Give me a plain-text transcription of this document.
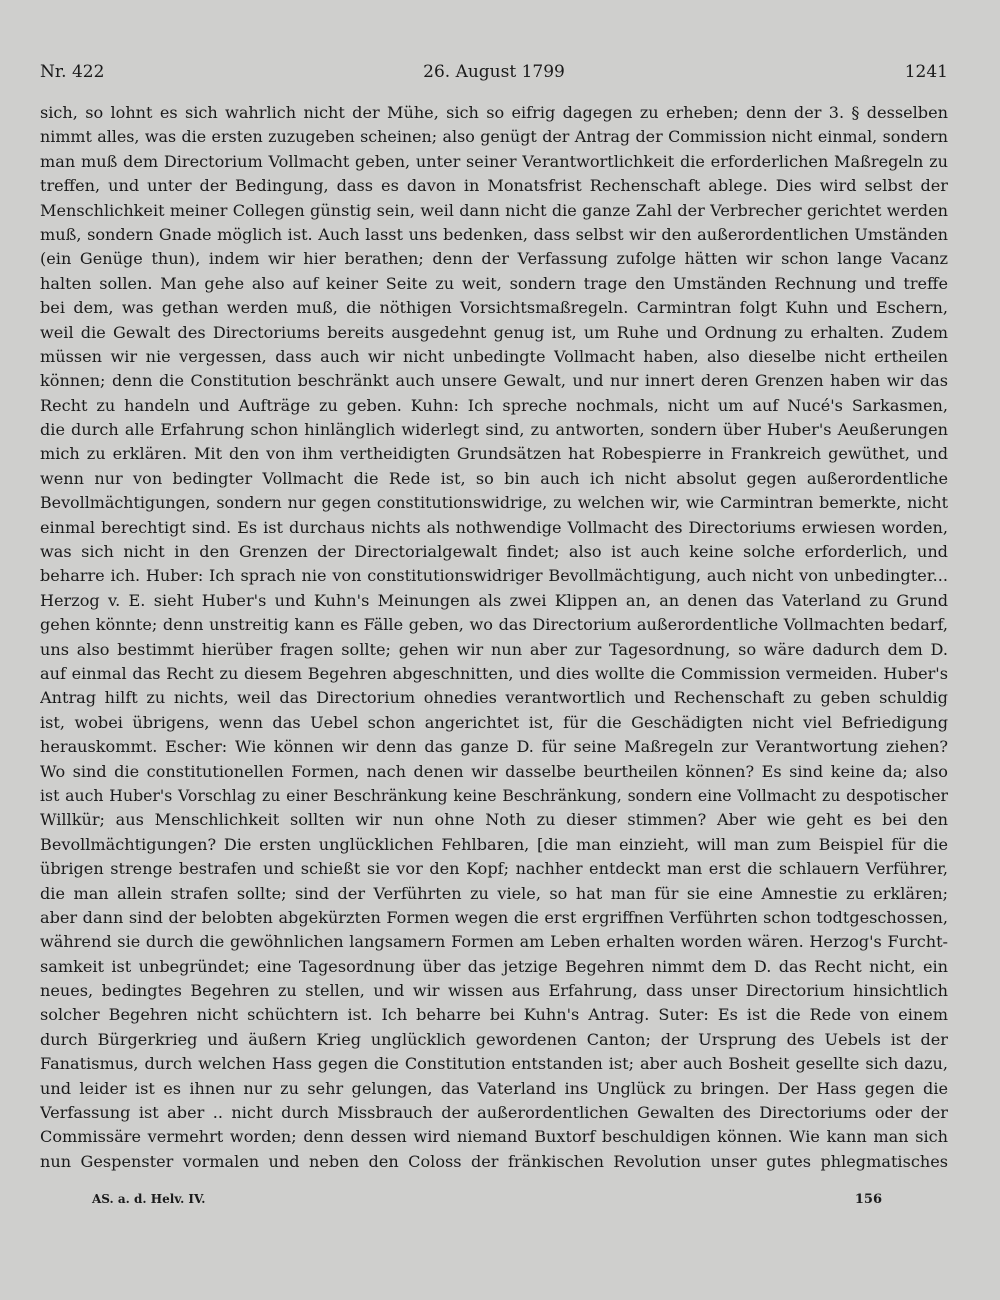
Nr. 422	26. August 1799	1241
sich, so lohnt es sich wahrlich nicht der Mühe, sich so eifrig dagegen zu erheben; denn der 3. § desselben
nimmt alles, was die ersten zuzugeben scheinen; also genügt der Antrag der Commission nicht einmal, sondern
man muß dem Directorium Vollmacht geben, unter seiner Verantwortlichkeit die erforderlichen Maßregeln zu
treffen, und unter der Bedingung, dass es davon in Monatsfrist Rechenschaft ablege. Dies wird selbst der
Menschlichkeit meiner Collegen günstig sein, weil dann nicht die ganze Zahl der Verbrecher gerichtet werden
muß, sondern Gnade möglich ist. Auch lasst uns bedenken, dass selbst wir den außerordentlichen Umständen
(ein Genüge thun), indem wir hier berathen; denn der Verfassung zufolge hätten wir schon lange Vacanz
halten sollen. Man gehe also auf keiner Seite zu weit, sondern trage den Umständen Rechnung und treffe
bei dem, was gethan werden muß, die nöthigen Vorsichtsmaßregeln. Carmintran folgt Kuhn und Eschern,
weil die Gewalt des Directoriums bereits ausgedehnt genug ist, um Ruhe und Ordnung zu erhalten. Zudem
müssen wir nie vergessen, dass auch wir nicht unbedingte Vollmacht haben, also dieselbe nicht ertheilen
können; denn die Constitution beschränkt auch unsere Gewalt, und nur innert deren Grenzen haben wir das
Recht zu handeln und Aufträge zu geben. Kuhn: Ich spreche nochmals, nicht um auf Nucé's Sarkasmen,
die durch alle Erfahrung schon hinlänglich widerlegt sind, zu antworten, sondern über Huber's Aeußerungen
mich zu erklären. Mit den von ihm vertheidigten Grundsätzen hat Robespierre in Frankreich gewüthet, und
wenn nur von bedingter Vollmacht die Rede ist, so bin auch ich nicht absolut gegen außerordentliche
Bevollmächtigungen, sondern nur gegen constitutionswidrige, zu welchen wir, wie Carmintran bemerkte, nicht
einmal berechtigt sind. Es ist durchaus nichts als nothwendige Vollmacht des Directoriums erwiesen worden,
was sich nicht in den Grenzen der Directorialgewalt findet; also ist auch keine solche erforderlich, und
beharre ich. Huber: Ich sprach nie von constitutionswidriger Bevollmächtigung, auch nicht von unbedingter...
Herzog v. E. sieht Huber's und Kuhn's Meinungen als zwei Klippen an, an denen das Vaterland zu Grund
gehen könnte; denn unstreitig kann es Fälle geben, wo das Directorium außerordentliche Vollmachten bedarf,
uns also bestimmt hierüber fragen sollte; gehen wir nun aber zur Tagesordnung, so wäre dadurch dem D.
auf einmal das Recht zu diesem Begehren abgeschnitten, und dies wollte die Commission vermeiden. Huber's
Antrag hilft zu nichts, weil das Directorium ohnedies verantwortlich und Rechenschaft zu geben schuldig
ist, wobei übrigens, wenn das Uebel schon angerichtet ist, für die Geschädigten nicht viel Befriedigung
herauskommt. Escher: Wie können wir denn das ganze D. für seine Maßregeln zur Verantwortung ziehen?
Wo sind die constitutionellen Formen, nach denen wir dasselbe beurtheilen können? Es sind keine da; also
ist auch Huber's Vorschlag zu einer Beschränkung keine Beschränkung, sondern eine Vollmacht zu despotischer
Willkür; aus Menschlichkeit sollten wir nun ohne Noth zu dieser stimmen? Aber wie geht es bei den
Bevollmächtigungen? Die ersten unglücklichen Fehlbaren, [die man einzieht, will man zum Beispiel für die
übrigen strenge bestrafen und schießt sie vor den Kopf; nachher entdeckt man erst die schlauern Verführer,
die man allein strafen sollte; sind der Verführten zu viele, so hat man für sie eine Amnestie zu erklären;
aber dann sind der belobten abgekürzten Formen wegen die erst ergriffnen Verführten schon todtgeschossen,
während sie durch die gewöhnlichen langsamern Formen am Leben erhalten worden wären. Herzog's Furcht-
samkeit ist unbegründet; eine Tagesordnung über das jetzige Begehren nimmt dem D. das Recht nicht, ein
neues, bedingtes Begehren zu stellen, und wir wissen aus Erfahrung, dass unser Directorium hinsichtlich
solcher Begehren nicht schüchtern ist. Ich beharre bei Kuhn's Antrag. Suter: Es ist die Rede von einem
durch Bürgerkrieg und äußern Krieg unglücklich gewordenen Canton; der Ursprung des Uebels ist der
Fanatismus, durch welchen Hass gegen die Constitution entstanden ist; aber auch Bosheit gesellte sich dazu,
und leider ist es ihnen nur zu sehr gelungen, das Vaterland ins Unglück zu bringen. Der Hass gegen die
Verfassung ist aber .. nicht durch Missbrauch der außerordentlichen Gewalten des Directoriums oder der
Commissäre vermehrt worden; denn dessen wird niemand Buxtorf beschuldigen können. Wie kann man sich
nun Gespenster vormalen und neben den Coloss der fränkischen Revolution unser gutes phlegmatisches
AS. a. d. Helv. IV.	156
